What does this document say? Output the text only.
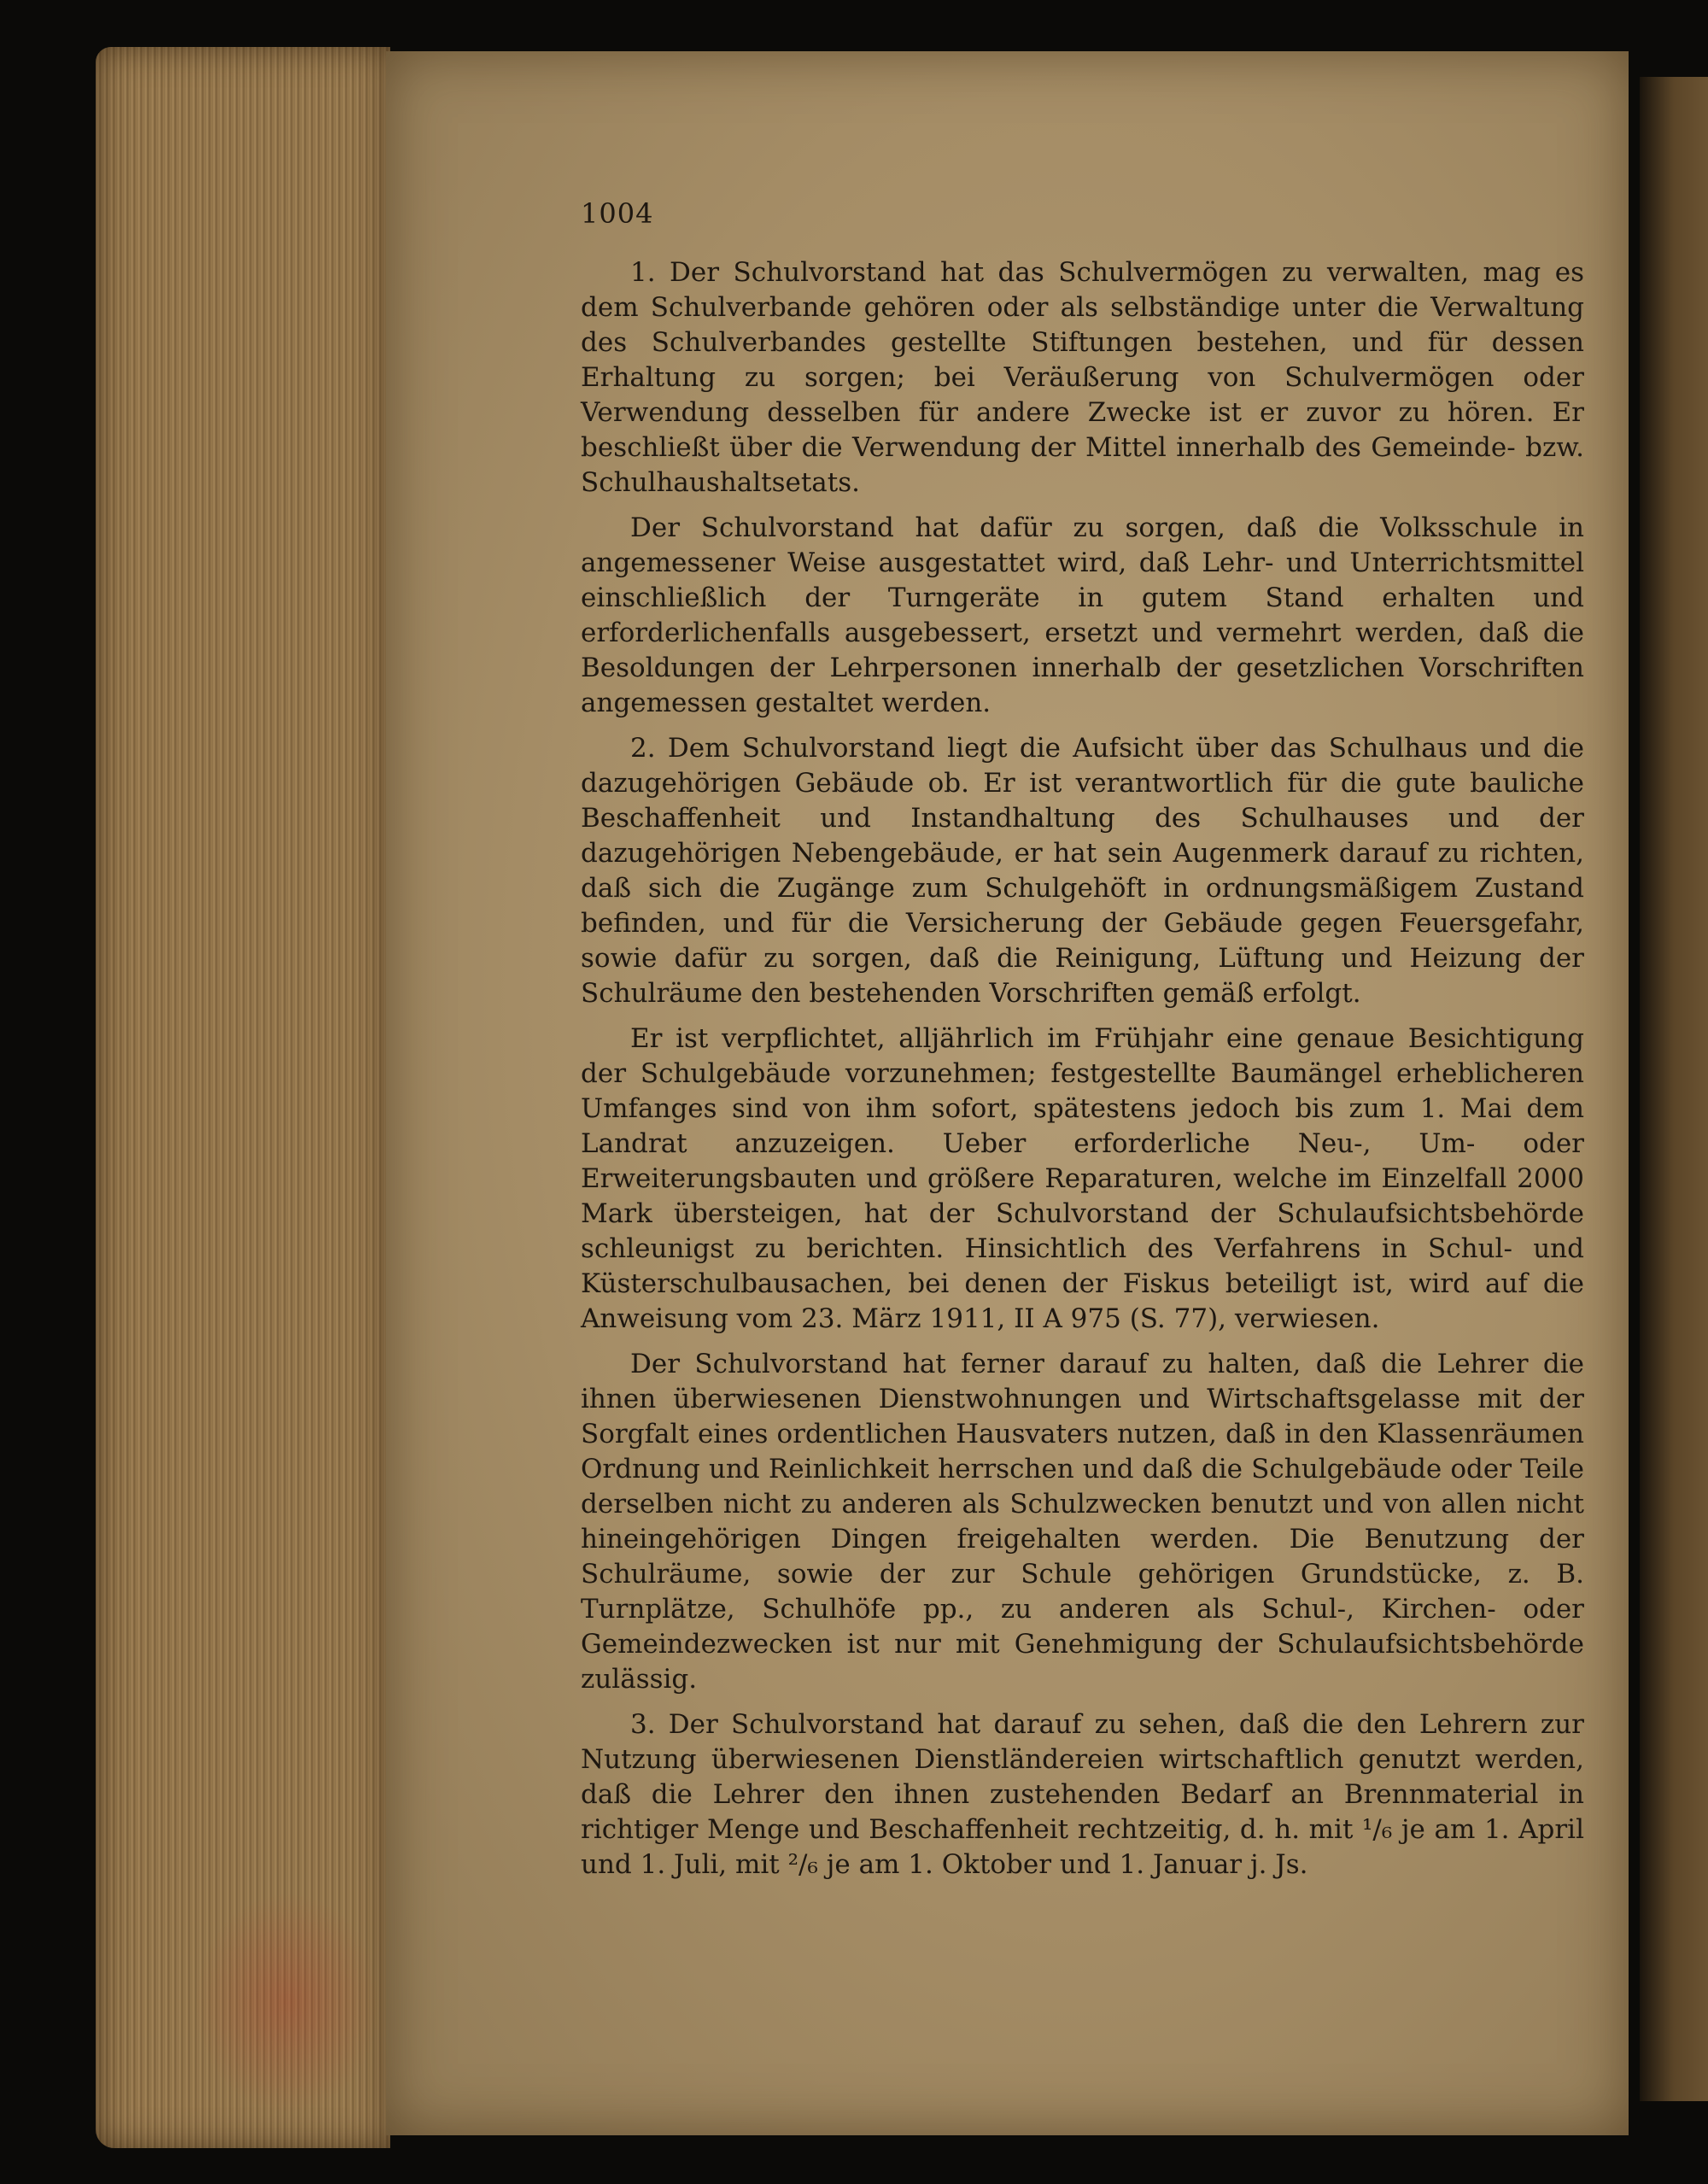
1004

1. Der Schulvorstand hat das Schulvermögen zu verwalten, mag es dem Schulverbande gehören oder als selbständige unter die Verwaltung des Schulverbandes gestellte Stiftungen bestehen, und für dessen Erhaltung zu sorgen; bei Veräußerung von Schulvermögen oder Verwendung desselben für andere Zwecke ist er zuvor zu hören. Er beschließt über die Verwendung der Mittel innerhalb des Gemeinde- bzw. Schulhaushaltsetats.

Der Schulvorstand hat dafür zu sorgen, daß die Volksschule in angemessener Weise ausgestattet wird, daß Lehr- und Unterrichtsmittel einschließlich der Turngeräte in gutem Stand erhalten und erforderlichenfalls ausgebessert, ersetzt und vermehrt werden, daß die Besoldungen der Lehrpersonen innerhalb der gesetzlichen Vorschriften angemessen gestaltet werden.

2. Dem Schulvorstand liegt die Aufsicht über das Schulhaus und die dazugehörigen Gebäude ob. Er ist verantwortlich für die gute bauliche Beschaffenheit und Instandhaltung des Schulhauses und der dazugehörigen Nebengebäude, er hat sein Augenmerk darauf zu richten, daß sich die Zugänge zum Schulgehöft in ordnungsmäßigem Zustand befinden, und für die Versicherung der Gebäude gegen Feuersgefahr, sowie dafür zu sorgen, daß die Reinigung, Lüftung und Heizung der Schulräume den bestehenden Vorschriften gemäß erfolgt.

Er ist verpflichtet, alljährlich im Frühjahr eine genaue Besichtigung der Schulgebäude vorzunehmen; festgestellte Baumängel erheblicheren Umfanges sind von ihm sofort, spätestens jedoch bis zum 1. Mai dem Landrat anzuzeigen. Ueber erforderliche Neu-, Um- oder Erweiterungsbauten und größere Reparaturen, welche im Einzelfall 2000 Mark übersteigen, hat der Schulvorstand der Schulaufsichtsbehörde schleunigst zu berichten. Hinsichtlich des Verfahrens in Schul- und Küsterschulbausachen, bei denen der Fiskus beteiligt ist, wird auf die Anweisung vom 23. März 1911, II A 975 (S. 77), verwiesen.

Der Schulvorstand hat ferner darauf zu halten, daß die Lehrer die ihnen überwiesenen Dienstwohnungen und Wirtschaftsgelasse mit der Sorgfalt eines ordentlichen Hausvaters nutzen, daß in den Klassenräumen Ordnung und Reinlichkeit herrschen und daß die Schulgebäude oder Teile derselben nicht zu anderen als Schulzwecken benutzt und von allen nicht hineingehörigen Dingen freigehalten werden. Die Benutzung der Schulräume, sowie der zur Schule gehörigen Grundstücke, z. B. Turnplätze, Schulhöfe pp., zu anderen als Schul-, Kirchen- oder Gemeindezwecken ist nur mit Genehmigung der Schulaufsichtsbehörde zulässig.

3. Der Schulvorstand hat darauf zu sehen, daß die den Lehrern zur Nutzung überwiesenen Dienstländereien wirtschaftlich genutzt werden, daß die Lehrer den ihnen zustehenden Bedarf an Brennmaterial in richtiger Menge und Beschaffenheit rechtzeitig, d. h. mit ¹/₆ je am 1. April und 1. Juli, mit ²/₆ je am 1. Oktober und 1. Januar j. Js.
